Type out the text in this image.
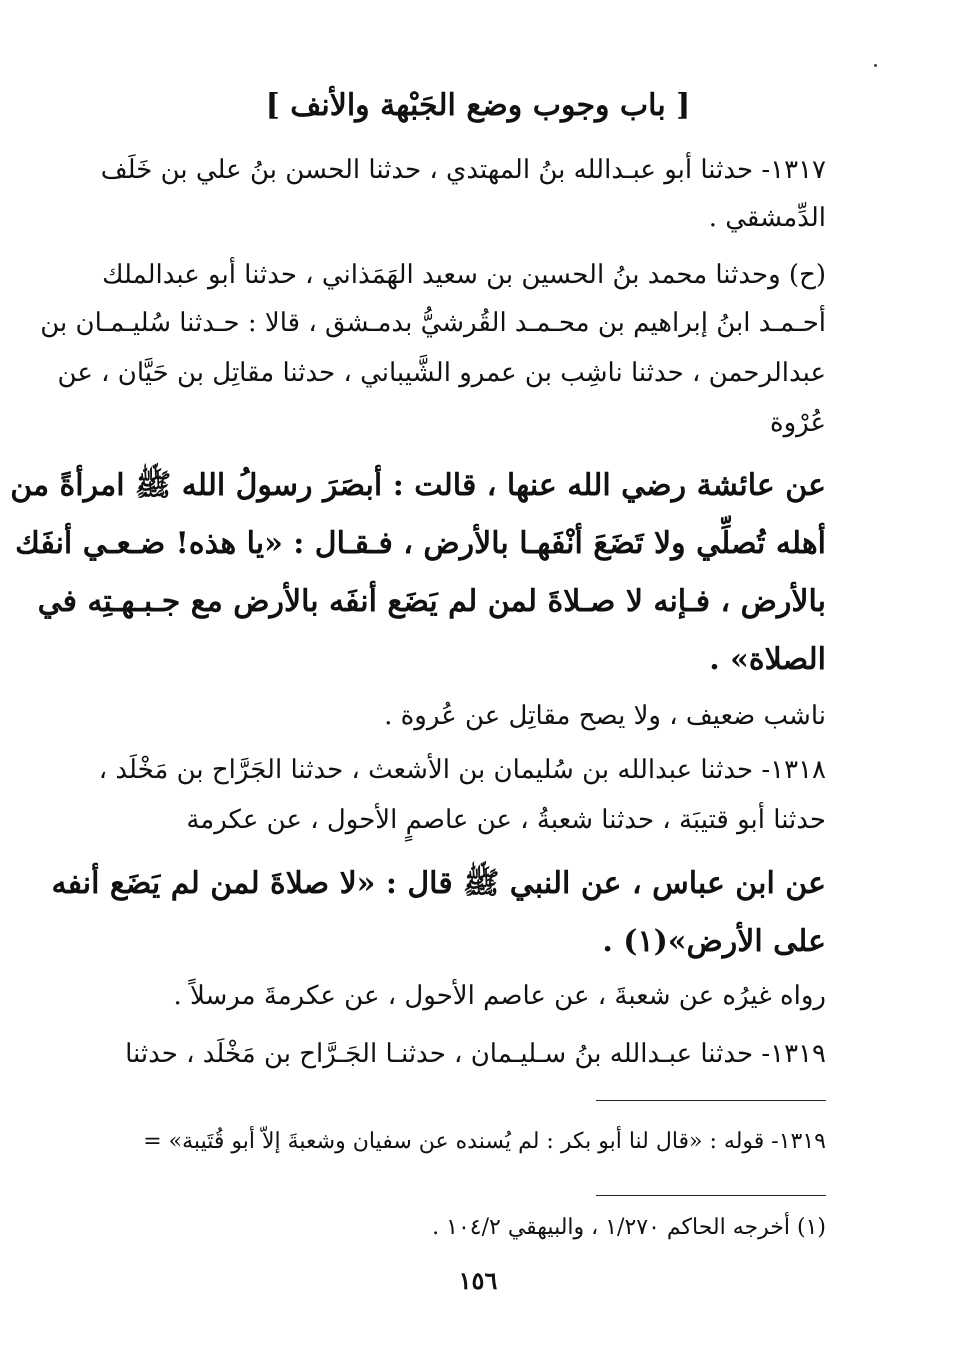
[ باب وجوب وضع الجَبْهة والأنف ]
١٣١٧- حدثنا أبو عبـدالله بنُ المهتدي ، حدثنا الحسن بنُ علي بن خَلَف
الدِّمشقي .
(ح) وحدثنا محمد بنُ الحسين بن سعيد الهَمَذاني ، حدثنا أبو عبدالملك
أحـمـد ابنُ إبراهيم بن محـمـد القُرشيُّ بدمـشق ، قالا : حـدثنا سُليـمـان بن
عبدالرحمن ، حدثنا ناشِب بن عمرو الشَّيباني ، حدثنا مقاتِل بن حَيَّان ، عن
عُرْوة
عن عائشة رضي الله عنها ، قالت : أبصَرَ رسولُ الله ﷺ امرأةً من
أهله تُصلِّي ولا تَضَعَ أنْفَهـا بالأرض ، فـقـال : «يا هذه! ضـعـي أنفَك
بالأرض ، فـإنه لا صـلاةَ لمن لم يَضَع أنفَه بالأرض مع جـبـهـتِه في
الصلاة» .
ناشب ضعيف ، ولا يصح مقاتِل عن عُروة .
١٣١٨- حدثنا عبدالله بن سُليمان بن الأشعث ، حدثنا الجَرَّاح بن مَخْلَد ،
حدثنا أبو قتيبَة ، حدثنا شعبةُ ، عن عاصمٍ الأحول ، عن عكرمة
عن ابن عباس ، عن النبي ﷺ قال : «لا صلاةَ لمن لم يَضَع أنفه
على الأرض»(١) .
رواه غيرُه عن شعبةَ ، عن عاصم الأحول ، عن عكرمةَ مرسلاً .
١٣١٩- حدثنا عبـدالله بنُ سـليـمان ، حدثنـا الجَـرَّاح بن مَخْلَد ، حدثنا
١٣١٩- قوله : «قال لنا أبو بكر : لم يُسنده عن سفيان وشعبةَ إلاّ أبو قُتَيبة» =
(١) أخرجه الحاكم ١/٢٧٠ ، والبيهقي ١٠٤/٢ .
١٥٦
